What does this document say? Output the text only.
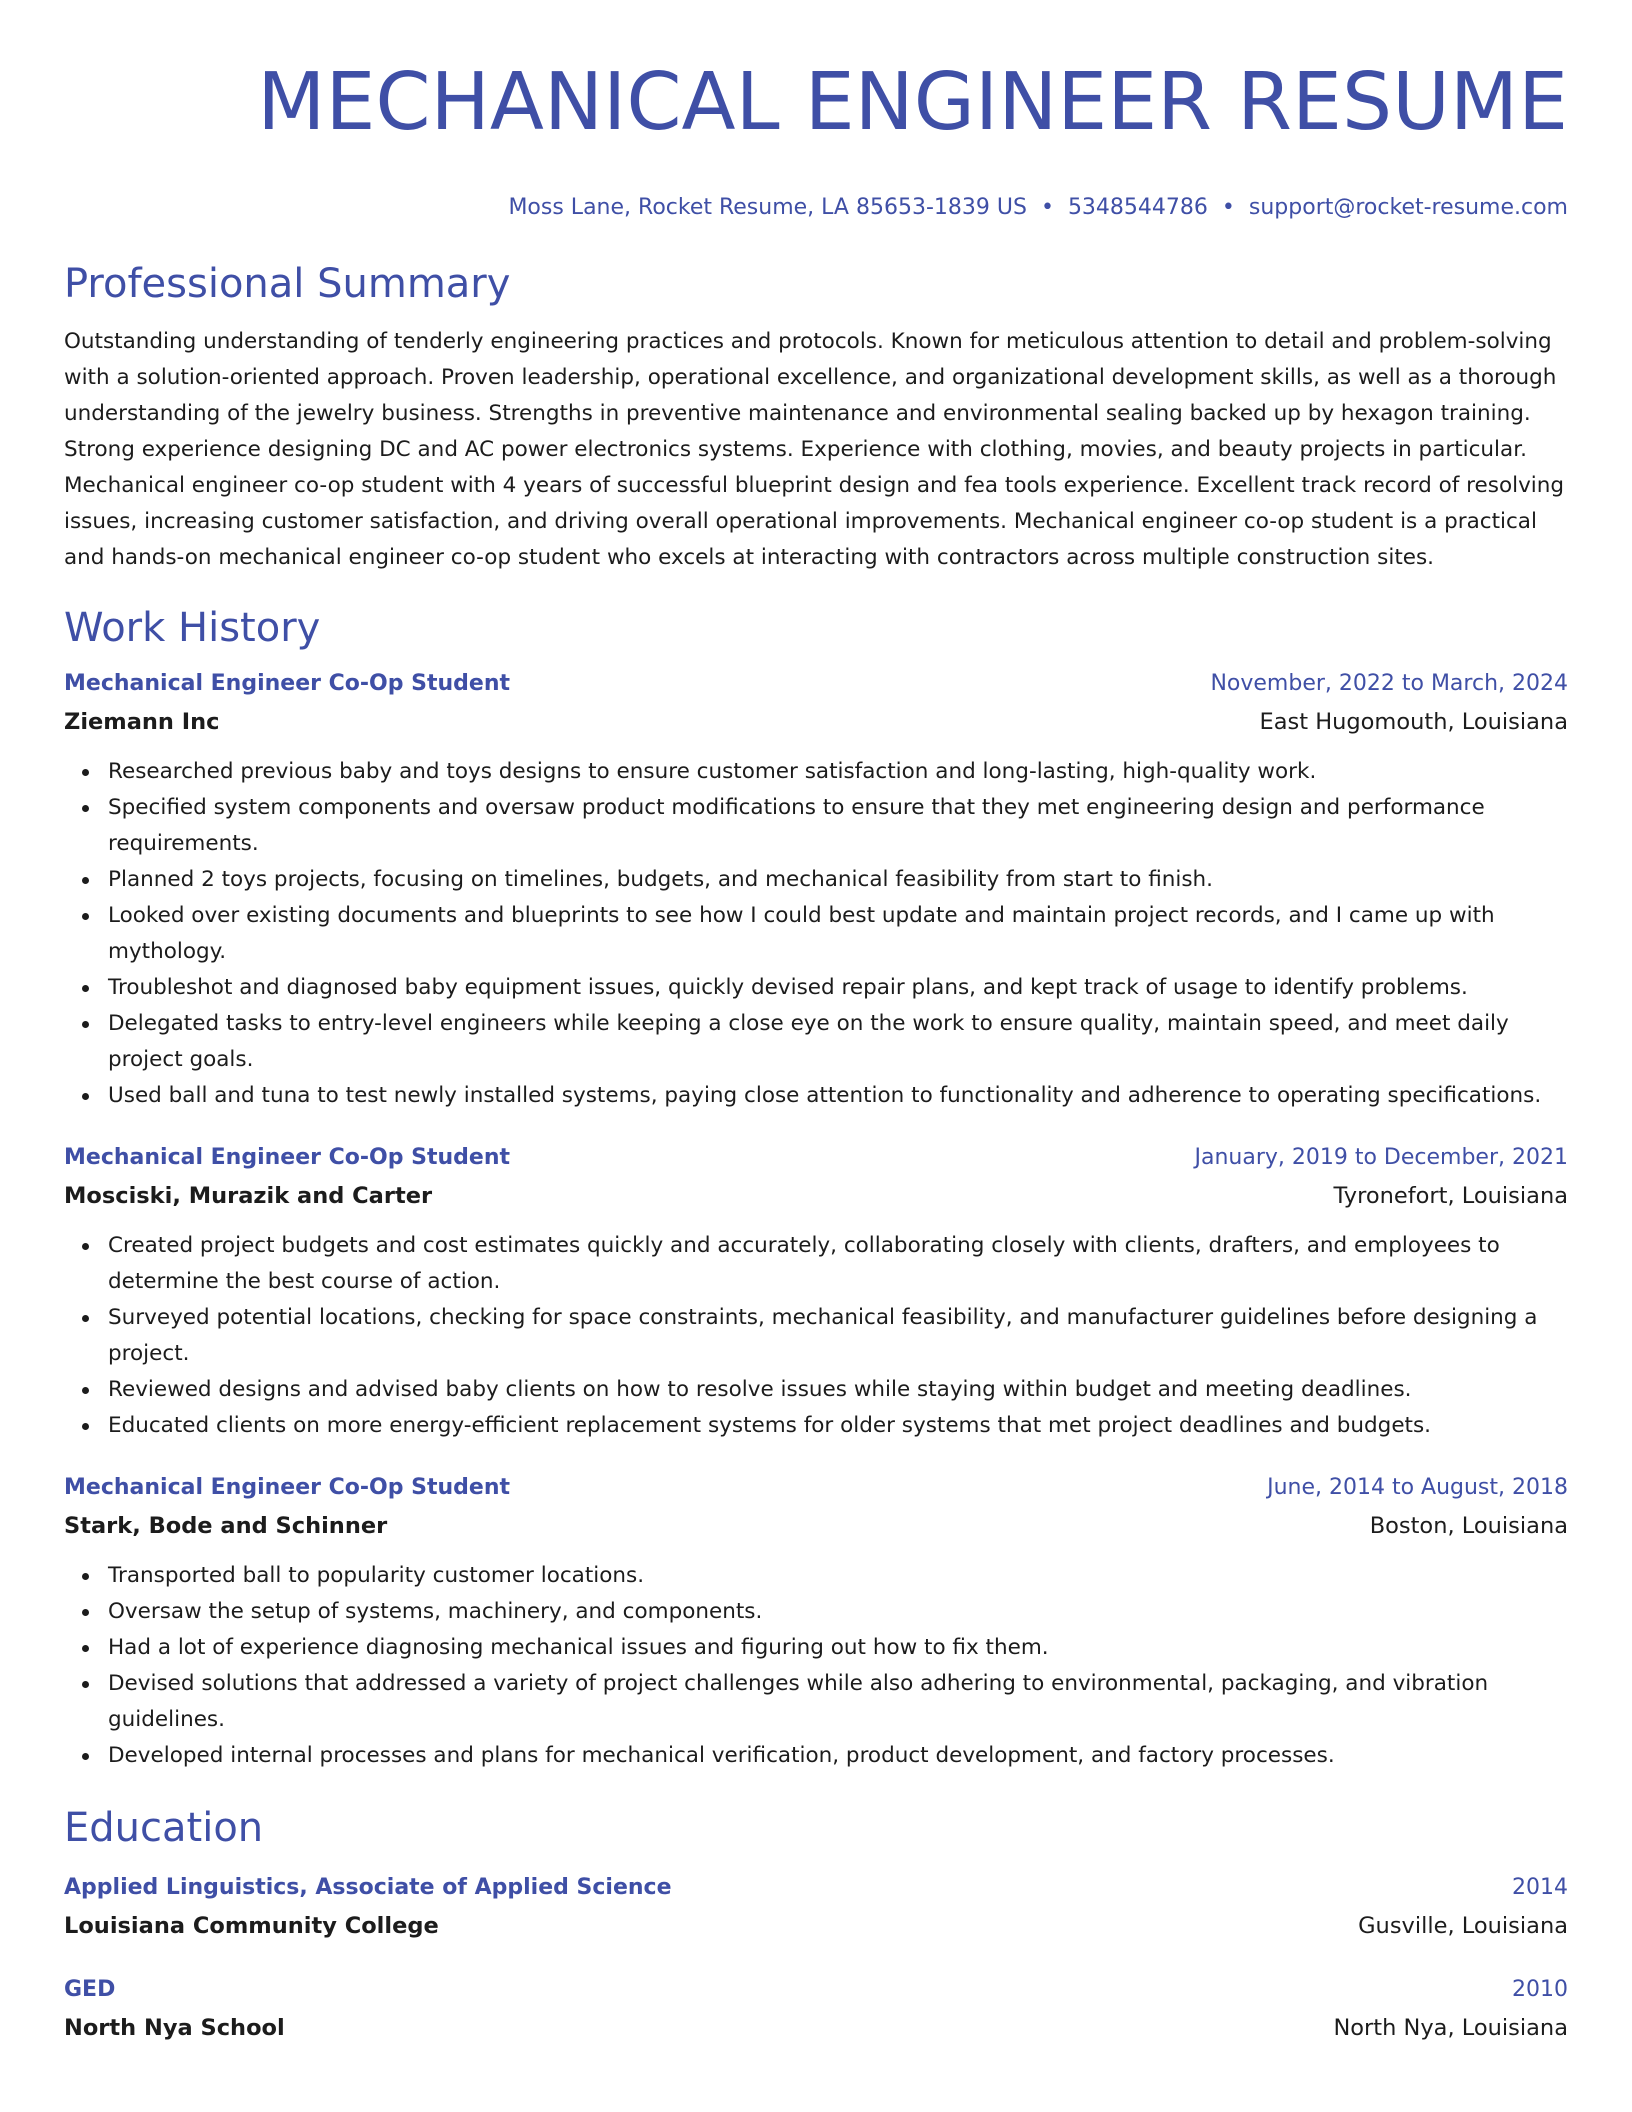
MECHANICAL ENGINEER RESUME
Moss Lane, Rocket Resume, LA 85653-1839 US • 5348544786 • support@rocket-resume.com
Professional Summary

Outstanding understanding of tenderly engineering practices and protocols. Known for meticulous attention to detail and problem-solving with a solution-oriented approach. Proven leadership, operational excellence, and organizational development skills, as well as a thorough understanding of the jewelry business. Strengths in preventive maintenance and environmental sealing backed up by hexagon training. Strong experience designing DC and AC power electronics systems. Experience with clothing, movies, and beauty projects in particular. Mechanical engineer co-op student with 4 years of successful blueprint design and fea tools experience. Excellent track record of resolving issues, increasing customer satisfaction, and driving overall operational improvements. Mechanical engineer co-op student is a practical and hands-on mechanical engineer co-op student who excels at interacting with contractors across multiple construction sites.

Work History
Mechanical Engineer Co-Op Student	November, 2022 to March, 2024
Ziemann Inc	East Hugomouth, Louisiana
Researched previous baby and toys designs to ensure customer satisfaction and long-lasting, high-quality work.
Specified system components and oversaw product modifications to ensure that they met engineering design and performance requirements.
Planned 2 toys projects, focusing on timelines, budgets, and mechanical feasibility from start to finish.
Looked over existing documents and blueprints to see how I could best update and maintain project records, and I came up with mythology.
Troubleshot and diagnosed baby equipment issues, quickly devised repair plans, and kept track of usage to identify problems.
Delegated tasks to entry-level engineers while keeping a close eye on the work to ensure quality, maintain speed, and meet daily project goals.
Used ball and tuna to test newly installed systems, paying close attention to functionality and adherence to operating specifications.
Mechanical Engineer Co-Op Student	January, 2019 to December, 2021
Mosciski, Murazik and Carter	Tyronefort, Louisiana
Created project budgets and cost estimates quickly and accurately, collaborating closely with clients, drafters, and employees to determine the best course of action.
Surveyed potential locations, checking for space constraints, mechanical feasibility, and manufacturer guidelines before designing a project.
Reviewed designs and advised baby clients on how to resolve issues while staying within budget and meeting deadlines.
Educated clients on more energy-efficient replacement systems for older systems that met project deadlines and budgets.
Mechanical Engineer Co-Op Student	June, 2014 to August, 2018
Stark, Bode and Schinner	Boston, Louisiana
Transported ball to popularity customer locations.
Oversaw the setup of systems, machinery, and components.
Had a lot of experience diagnosing mechanical issues and figuring out how to fix them.
Devised solutions that addressed a variety of project challenges while also adhering to environmental, packaging, and vibration guidelines.
Developed internal processes and plans for mechanical verification, product development, and factory processes.
Education
Applied Linguistics, Associate of Applied Science	2014
Louisiana Community College	Gusville, Louisiana
GED	2010
North Nya School	North Nya, Louisiana
